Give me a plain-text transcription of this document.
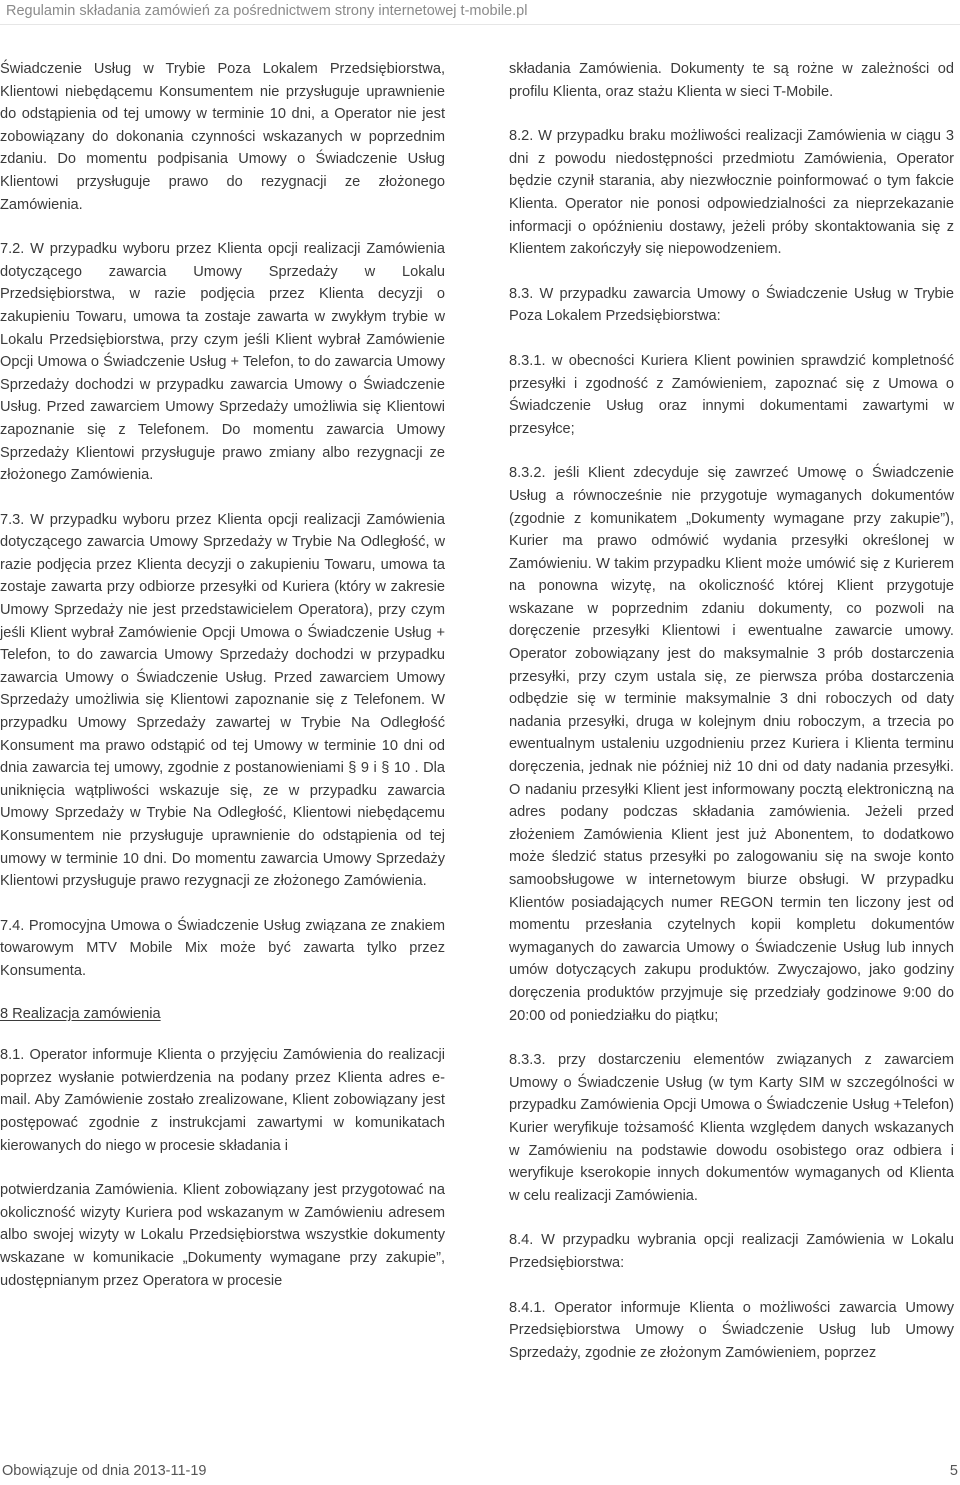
Regulamin składania zamówień za pośrednictwem strony internetowej t-mobile.pl

Świadczenie Usług w Trybie Poza Lokalem Przedsiębiorstwa, Klientowi niebędącemu Konsumentem nie przysługuje uprawnienie do odstąpienia od tej umowy w terminie 10 dni, a Operator nie jest zobowiązany do dokonania czynności wskazanych w poprzednim zdaniu. Do momentu podpisania Umowy o Świadczenie Usług Klientowi przysługuje prawo do rezygnacji ze złożonego Zamówienia.

7.2. W przypadku wyboru przez Klienta opcji realizacji Zamówienia dotyczącego zawarcia Umowy Sprzedaży w Lokalu Przedsiębiorstwa, w razie podjęcia przez Klienta decyzji o zakupieniu Towaru, umowa ta zostaje zawarta w zwykłym trybie w Lokalu Przedsiębiorstwa, przy czym jeśli Klient wybrał Zamówienie Opcji Umowa o Świadczenie Usług + Telefon, to do zawarcia Umowy Sprzedaży dochodzi w przypadku zawarcia Umowy o Świadczenie Usług. Przed zawarciem Umowy Sprzedaży umożliwia się Klientowi zapoznanie się z Telefonem. Do momentu zawarcia Umowy Sprzedaży Klientowi przysługuje prawo zmiany albo rezygnacji ze złożonego Zamówienia.

7.3. W przypadku wyboru przez Klienta opcji realizacji Zamówienia dotyczącego zawarcia Umowy Sprzedaży w Trybie Na Odległość, w razie podjęcia przez Klienta decyzji o zakupieniu Towaru, umowa ta zostaje zawarta przy odbiorze przesyłki od Kuriera (który w zakresie Umowy Sprzedaży nie jest przedstawicielem Operatora), przy czym jeśli Klient wybrał Zamówienie Opcji Umowa o Świadczenie Usług + Telefon, to do zawarcia Umowy Sprzedaży dochodzi w przypadku zawarcia Umowy o Świadczenie Usług. Przed zawarciem Umowy Sprzedaży umożliwia się Klientowi zapoznanie się z Telefonem. W przypadku Umowy Sprzedaży zawartej w Trybie Na Odległość Konsument ma prawo odstąpić od tej Umowy w terminie 10 dni od dnia zawarcia tej umowy, zgodnie z postanowieniami § 9 i § 10 . Dla uniknięcia wątpliwości wskazuje się, ze w przypadku zawarcia Umowy Sprzedaży w Trybie Na Odległość, Klientowi niebędącemu Konsumentem nie przysługuje uprawnienie do odstąpienia od tej umowy w terminie 10 dni. Do momentu zawarcia Umowy Sprzedaży Klientowi przysługuje prawo rezygnacji ze złożonego Zamówienia.

7.4. Promocyjna Umowa o Świadczenie Usług związana ze znakiem towarowym MTV Mobile Mix może być zawarta tylko przez Konsumenta.

8 Realizacja zamówienia

8.1. Operator informuje Klienta o przyjęciu Zamówienia do realizacji poprzez wysłanie potwierdzenia na podany przez Klienta adres e-mail. Aby Zamówienie zostało zrealizowane, Klient zobowiązany jest postępować zgodnie z instrukcjami zawartymi w komunikatach kierowanych do niego w procesie składania i

potwierdzania Zamówienia. Klient zobowiązany jest przygotować na okoliczność wizyty Kuriera pod wskazanym w Zamówieniu adresem albo swojej wizyty w Lokalu Przedsiębiorstwa wszystkie dokumenty wskazane w komunikacie „Dokumenty wymagane przy zakupie”, udostępnianym przez Operatora w procesie

składania Zamówienia. Dokumenty te są rożne w zależności od profilu Klienta, oraz stażu Klienta w sieci T-Mobile.

8.2. W przypadku braku możliwości realizacji Zamówienia w ciągu 3 dni z powodu niedostępności przedmiotu Zamówienia, Operator będzie czynił starania, aby niezwłocznie poinformować o tym fakcie Klienta. Operator nie ponosi odpowiedzialności za nieprzekazanie informacji o opóźnieniu dostawy, jeżeli próby skontaktowania się z Klientem zakończyły się niepowodzeniem.

8.3. W przypadku zawarcia Umowy o Świadczenie Usług w Trybie Poza Lokalem Przedsiębiorstwa:

8.3.1. w obecności Kuriera Klient powinien sprawdzić kompletność przesyłki i zgodność z Zamówieniem, zapoznać się z Umowa o Świadczenie Usług oraz innymi dokumentami zawartymi w przesyłce;

8.3.2. jeśli Klient zdecyduje się zawrzeć Umowę o Świadczenie Usług a równocześnie nie przygotuje wymaganych dokumentów (zgodnie z komunikatem „Dokumenty wymagane przy zakupie”), Kurier ma prawo odmówić wydania przesyłki określonej w Zamówieniu. W takim przypadku Klient może umówić się z Kurierem na ponowna wizytę, na okoliczność której Klient przygotuje wskazane w poprzednim zdaniu dokumenty, co pozwoli na doręczenie przesyłki Klientowi i ewentualne zawarcie umowy. Operator zobowiązany jest do maksymalnie 3 prób dostarczenia przesyłki, przy czym ustala się, ze pierwsza próba dostarczenia odbędzie się w terminie maksymalnie 3 dni roboczych od daty nadania przesyłki, druga w kolejnym dniu roboczym, a trzecia po ewentualnym ustaleniu uzgodnieniu przez Kuriera i Klienta terminu doręczenia, jednak nie później niż 10 dni od daty nadania przesyłki. O nadaniu przesyłki Klient jest informowany pocztą elektroniczną na adres podany podczas składania zamówienia. Jeżeli przed złożeniem Zamówienia Klient jest już Abonentem, to dodatkowo może śledzić status przesyłki po zalogowaniu się na swoje konto samoobsługowe w internetowym biurze obsługi. W przypadku Klientów posiadających numer REGON termin ten liczony jest od momentu przesłania czytelnych kopii kompletu dokumentów wymaganych do zawarcia Umowy o Świadczenie Usług lub innych umów dotyczących zakupu produktów. Zwyczajowo, jako godziny doręczenia produktów przyjmuje się przedziały godzinowe 9:00 do 20:00 od poniedziałku do piątku;

8.3.3. przy dostarczeniu elementów związanych z zawarciem Umowy o Świadczenie Usług (w tym Karty SIM w szczególności w przypadku Zamówienia Opcji Umowa o Świadczenie Usług +Telefon) Kurier weryfikuje tożsamość Klienta względem danych wskazanych w Zamówieniu na podstawie dowodu osobistego oraz odbiera i weryfikuje kserokopie innych dokumentów wymaganych od Klienta w celu realizacji Zamówienia.

8.4. W przypadku wybrania opcji realizacji Zamówienia w Lokalu Przedsiębiorstwa:

8.4.1. Operator informuje Klienta o możliwości zawarcia Umowy Przedsiębiorstwa Umowy o Świadczenie Usług lub Umowy Sprzedaży, zgodnie ze złożonym Zamówieniem, poprzez

Obowiązuje od dnia 2013-11-19	5
